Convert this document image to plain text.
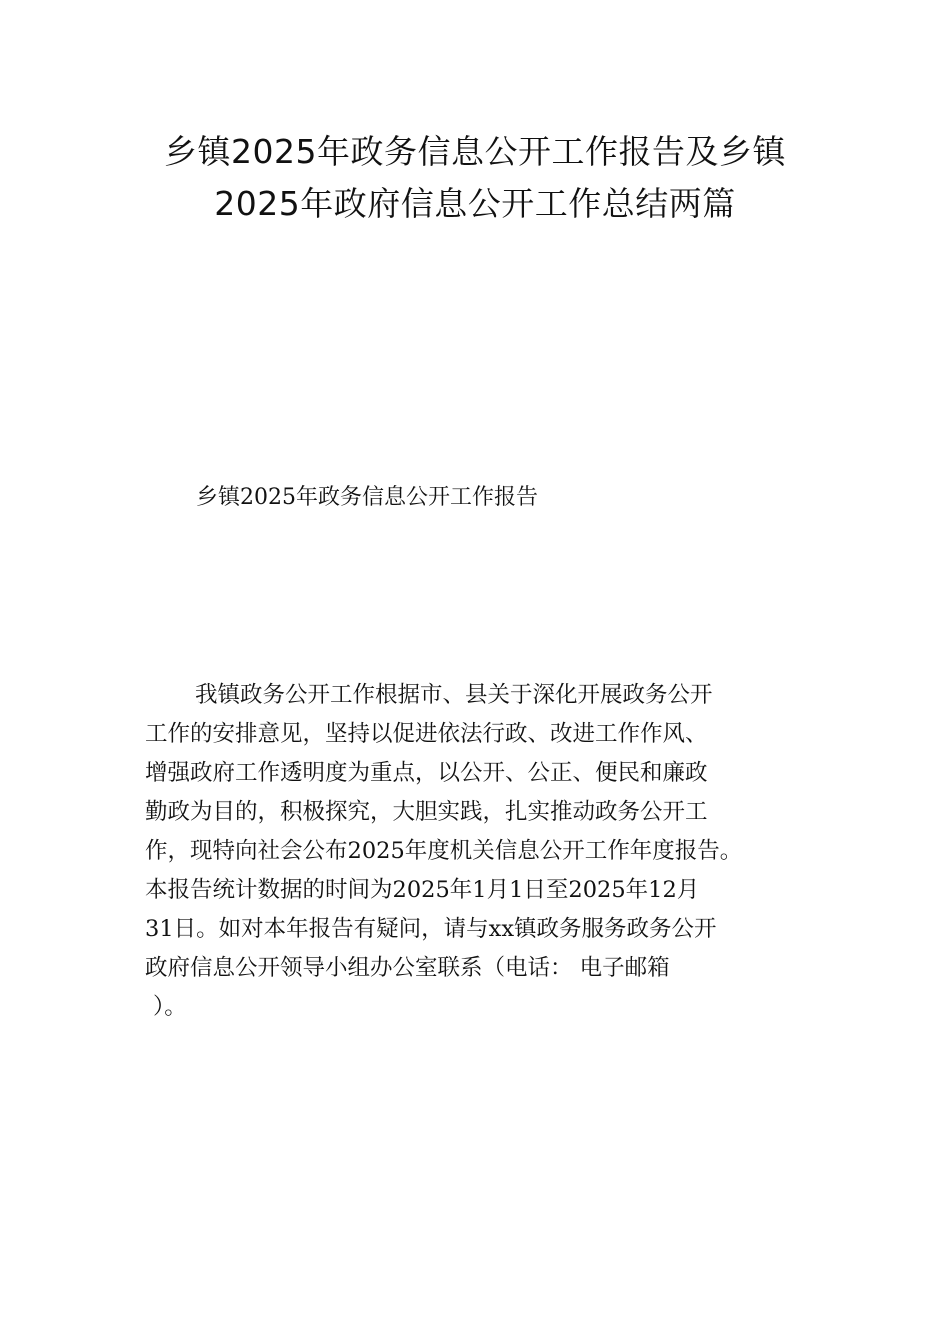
乡镇2025年政务信息公开工作报告及乡镇
2025年政府信息公开工作总结两篇
乡镇2025年政务信息公开工作报告

我镇政务公开工作根据市、县关于深化开展政务公开
工作的安排意见，坚持以促进依法行政、改进工作作风、
增强政府工作透明度为重点，以公开、公正、便民和廉政
勤政为目的，积极探究，大胆实践，扎实推动政务公开工
作，现特向社会公布2025年度机关信息公开工作年度报告。
本报告统计数据的时间为2025年1月1日至2025年12月
31日。如对本年报告有疑问，请与xx镇政务服务政务公开
政府信息公开领导小组办公室联系（电话： 电子邮箱
）。
